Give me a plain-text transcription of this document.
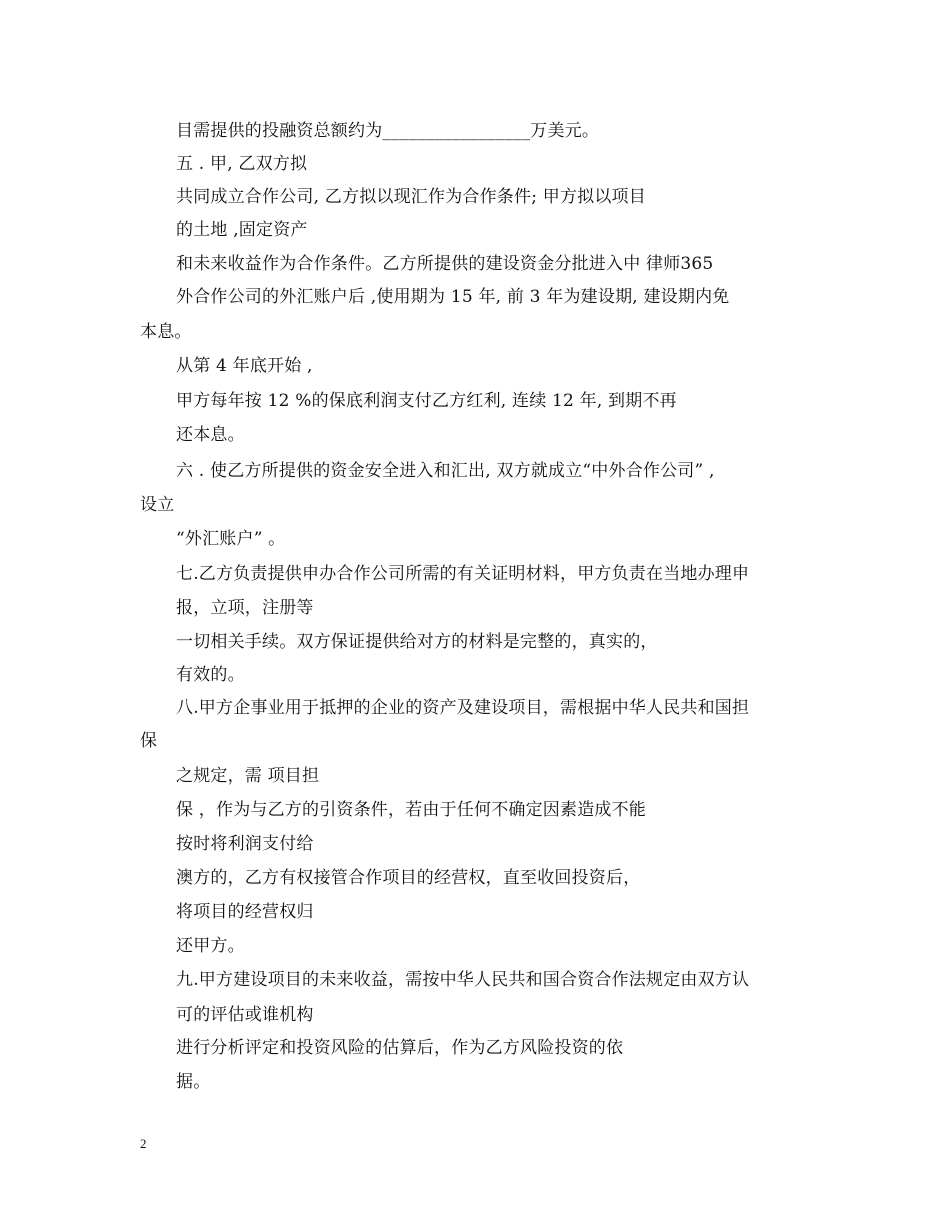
目需提供的投融资总额约为_________________万美元。
五 . 甲, 乙双方拟
共同成立合作公司, 乙方拟以现汇作为合作条件; 甲方拟以项目
的土地 ,固定资产
和未来收益作为合作条件。乙方所提供的建设资金分批进入中 律师365
外合作公司的外汇账户后 ,使用期为 15 年, 前 3 年为建设期, 建设期内免
本息。
从第 4 年底开始 ,
甲方每年按 12 %的保底利润支付乙方红利, 连续 12 年, 到期不再
还本息。
六 . 使乙方所提供的资金安全进入和汇出, 双方就成立“中外合作公司” ,
设立
“外汇账户” 。
七.乙方负责提供申办合作公司所需的有关证明材料，甲方负责在当地办理申
报，立项，注册等
一切相关手续。双方保证提供给对方的材料是完整的，真实的，
有效的。
八.甲方企事业用于抵押的企业的资产及建设项目，需根据中华人民共和国担
保
之规定，需 项目担
保 ，作为与乙方的引资条件，若由于任何不确定因素造成不能
按时将利润支付给
澳方的，乙方有权接管合作项目的经营权，直至收回投资后，
将项目的经营权归
还甲方。
九.甲方建设项目的未来收益，需按中华人民共和国合资合作法规定由双方认
可的评估或谁机构
进行分析评定和投资风险的估算后，作为乙方风险投资的依
据。
2
